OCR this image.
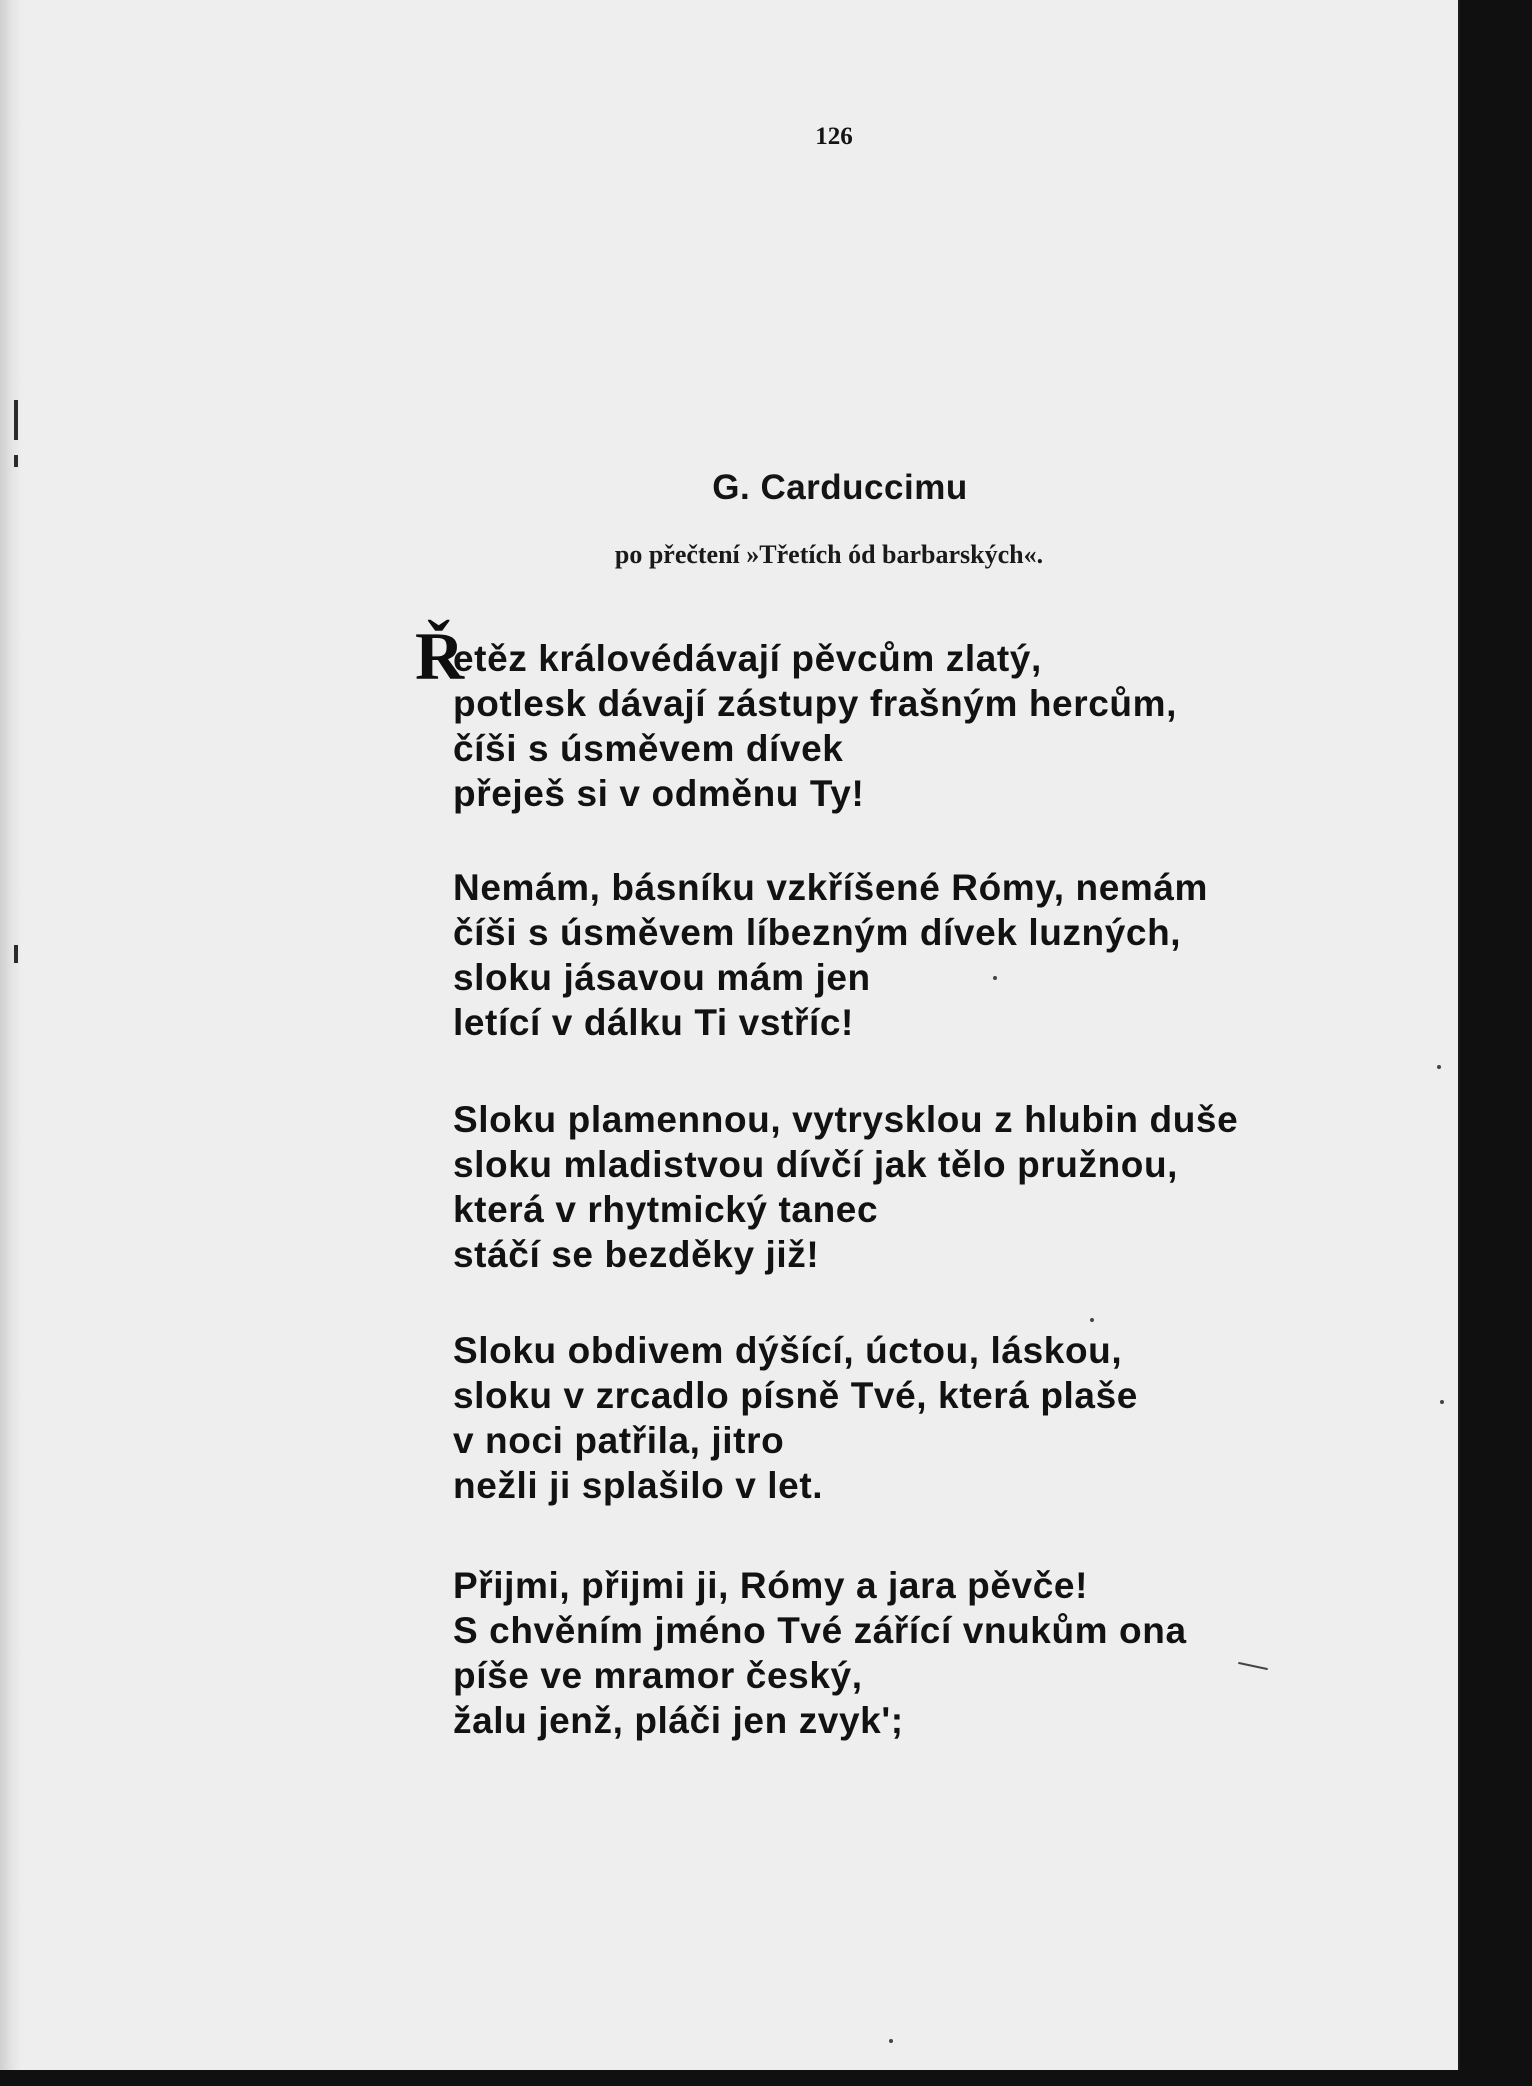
126
G. Carduccimu
po přečtení »Třetích ód barbarských«.
Ř
etěz královédávají pěvcům zlatý,
potlesk dávají zástupy frašným hercům,
číši s úsměvem dívek
přeješ si v odměnu Ty!
Nemám, básníku vzkříšené Rómy, nemám
číši s úsměvem líbezným dívek luzných,
sloku jásavou mám jen
letící v dálku Ti vstříc!
Sloku plamennou, vytrysklou z hlubin duše
sloku mladistvou dívčí jak tělo pružnou,
která v rhytmický tanec
stáčí se bezděky již!
Sloku obdivem dýšící, úctou, láskou,
sloku v zrcadlo písně Tvé, která plaše
v noci patřila, jitro
nežli ji splašilo v let.
Přijmi, přijmi ji, Rómy a jara pěvče!
S chvěním jméno Tvé zářící vnukům ona
píše ve mramor český,
žalu jenž, pláči jen zvyk';
